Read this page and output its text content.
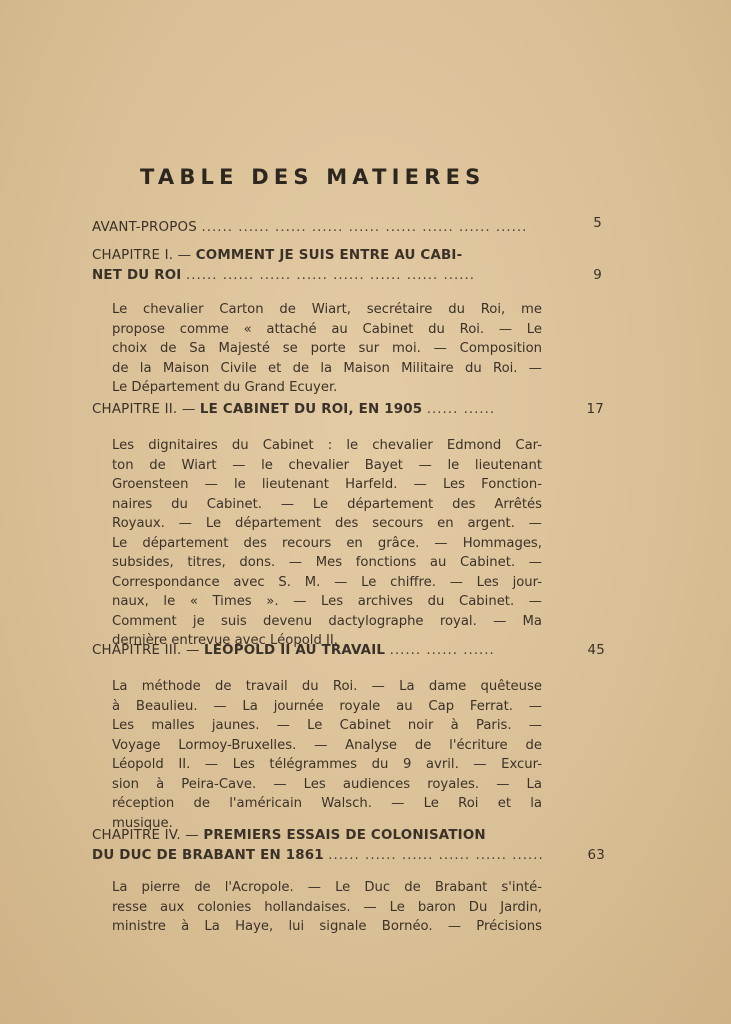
TABLE DES MATIERES
AVANT-PROPOS ...... ...... ...... ...... ...... ...... ...... ...... ......	5
CHAPITRE I. — COMMENT JE SUIS ENTRE AU CABI-
NET DU ROI ...... ...... ...... ...... ...... ...... ...... ......	9
Le chevalier Carton de Wiart, secrétaire du Roi, me
propose comme « attaché au Cabinet du Roi. — Le
choix de Sa Majesté se porte sur moi. — Composition
de la Maison Civile et de la Maison Militaire du Roi. —
Le Département du Grand Ecuyer.
CHAPITRE II. — LE CABINET DU ROI, EN 1905 ...... ......	17
Les dignitaires du Cabinet : le chevalier Edmond Car-
ton de Wiart — le chevalier Bayet — le lieutenant
Groensteen — le lieutenant Harfeld. — Les Fonction-
naires du Cabinet. — Le département des Arrêtés
Royaux. — Le département des secours en argent. —
Le département des recours en grâce. — Hommages,
subsides, titres, dons. — Mes fonctions au Cabinet. —
Correspondance avec S. M. — Le chiffre. — Les jour-
naux, le « Times ». — Les archives du Cabinet. —
Comment je suis devenu dactylographe royal. — Ma
dernière entrevue avec Léopold II.
CHAPITRE III. — LEOPOLD II AU TRAVAIL ...... ...... ......	45
La méthode de travail du Roi. — La dame quêteuse
à Beaulieu. — La journée royale au Cap Ferrat. —
Les malles jaunes. — Le Cabinet noir à Paris. —
Voyage Lormoy-Bruxelles. — Analyse de l'écriture de
Léopold II. — Les télégrammes du 9 avril. — Excur-
sion à Peira-Cave. — Les audiences royales. — La
réception de l'américain Walsch. — Le Roi et la
musique.
CHAPITRE IV. — PREMIERS ESSAIS DE COLONISATION
DU DUC DE BRABANT EN 1861 ...... ...... ...... ...... ...... ......	63
La pierre de l'Acropole. — Le Duc de Brabant s'inté-
resse aux colonies hollandaises. — Le baron Du Jardin,
ministre à La Haye, lui signale Bornéo. — Précisions
